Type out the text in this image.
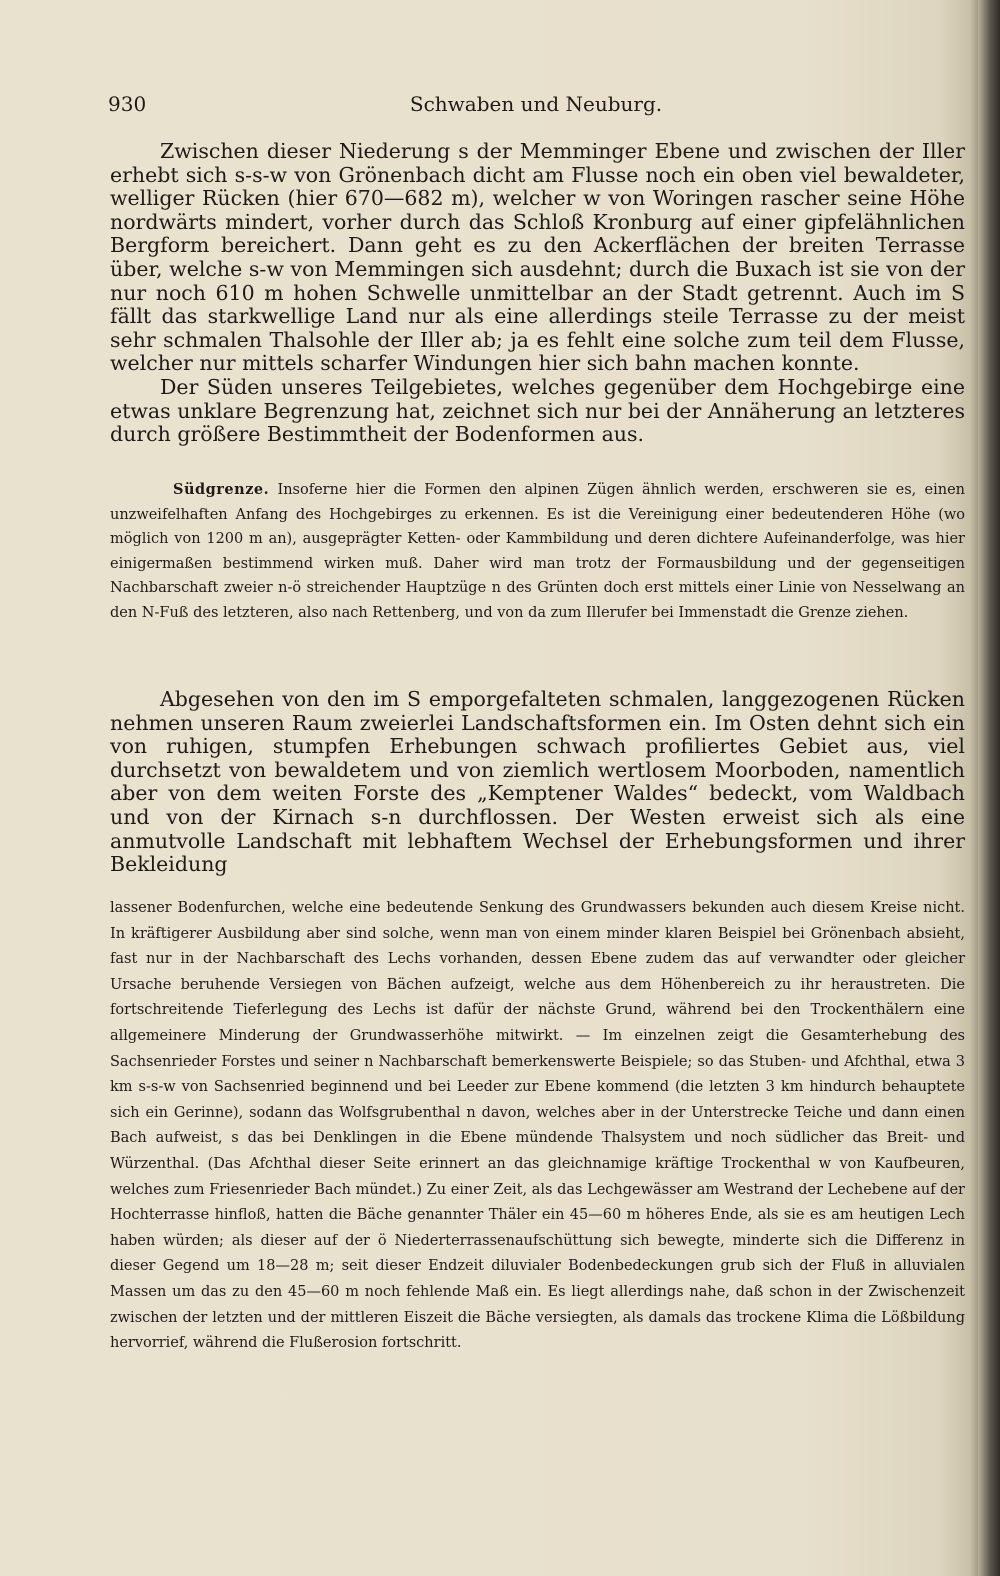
930	Schwaben und Neuburg.

Zwischen dieser Niederung s der Memminger Ebene und zwischen der Iller erhebt sich s-s-w von Grönenbach dicht am Flusse noch ein oben viel bewaldeter, welliger Rücken (hier 670—682 m), welcher w von Woringen rascher seine Höhe nordwärts mindert, vorher durch das Schloß Kronburg auf einer gipfelähnlichen Bergform bereichert. Dann geht es zu den Ackerflächen der breiten Terrasse über, welche s-w von Memmingen sich ausdehnt; durch die Buxach ist sie von der nur noch 610 m hohen Schwelle unmittelbar an der Stadt getrennt. Auch im S fällt das starkwellige Land nur als eine allerdings steile Terrasse zu der meist sehr schmalen Thalsohle der Iller ab; ja es fehlt eine solche zum teil dem Flusse, welcher nur mittels scharfer Windungen hier sich bahn machen konnte.

Der Süden unseres Teilgebietes, welches gegenüber dem Hochgebirge eine etwas unklare Begrenzung hat, zeichnet sich nur bei der Annäherung an letzteres durch größere Bestimmtheit der Bodenformen aus.

Südgrenze. Insoferne hier die Formen den alpinen Zügen ähnlich werden, erschweren sie es, einen unzweifelhaften Anfang des Hochgebirges zu erkennen. Es ist die Vereinigung einer bedeutenderen Höhe (wo möglich von 1200 m an), ausgeprägter Ketten- oder Kammbildung und deren dichtere Aufeinanderfolge, was hier einigermaßen bestimmend wirken muß. Daher wird man trotz der Formausbildung und der gegenseitigen Nachbarschaft zweier n-ö streichender Hauptzüge n des Grünten doch erst mittels einer Linie von Nesselwang an den N-Fuß des letzteren, also nach Rettenberg, und von da zum Illerufer bei Immenstadt die Grenze ziehen.

Abgesehen von den im S emporgefalteten schmalen, langgezogenen Rücken nehmen unseren Raum zweierlei Landschaftsformen ein. Im Osten dehnt sich ein von ruhigen, stumpfen Erhebungen schwach profiliertes Gebiet aus, viel durchsetzt von bewaldetem und von ziemlich wertlosem Moorboden, namentlich aber von dem weiten Forste des „Kemptener Waldes“ bedeckt, vom Waldbach und von der Kirnach s-n durchflossen. Der Westen erweist sich als eine anmutvolle Landschaft mit lebhaftem Wechsel der Erhebungsformen und ihrer Bekleidung

lassener Bodenfurchen, welche eine bedeutende Senkung des Grundwassers bekunden auch diesem Kreise nicht. In kräftigerer Ausbildung aber sind solche, wenn man von einem minder klaren Beispiel bei Grönenbach absieht, fast nur in der Nachbarschaft des Lechs vorhanden, dessen Ebene zudem das auf verwandter oder gleicher Ursache beruhende Versiegen von Bächen aufzeigt, welche aus dem Höhenbereich zu ihr heraustreten. Die fortschreitende Tieferlegung des Lechs ist dafür der nächste Grund, während bei den Trockenthälern eine allgemeinere Minderung der Grundwasserhöhe mitwirkt. — Im einzelnen zeigt die Gesamterhebung des Sachsenrieder Forstes und seiner n Nachbarschaft bemerkenswerte Beispiele; so das Stuben- und Afchthal, etwa 3 km s-s-w von Sachsenried beginnend und bei Leeder zur Ebene kommend (die letzten 3 km hindurch behauptete sich ein Gerinne), sodann das Wolfsgrubenthal n davon, welches aber in der Unterstrecke Teiche und dann einen Bach aufweist, s das bei Denklingen in die Ebene mündende Thalsystem und noch südlicher das Breit- und Würzenthal. (Das Afchthal dieser Seite erinnert an das gleichnamige kräftige Trockenthal w von Kaufbeuren, welches zum Friesenrieder Bach mündet.) Zu einer Zeit, als das Lechgewässer am Westrand der Lechebene auf der Hochterrasse hinfloß, hatten die Bäche genannter Thäler ein 45—60 m höheres Ende, als sie es am heutigen Lech haben würden; als dieser auf der ö Niederterrassenaufschüttung sich bewegte, minderte sich die Differenz in dieser Gegend um 18—28 m; seit dieser Endzeit diluvialer Bodenbedeckungen grub sich der Fluß in alluvialen Massen um das zu den 45—60 m noch fehlende Maß ein. Es liegt allerdings nahe, daß schon in der Zwischenzeit zwischen der letzten und der mittleren Eiszeit die Bäche versiegten, als damals das trockene Klima die Lößbildung hervorrief, während die Flußerosion fortschritt.
